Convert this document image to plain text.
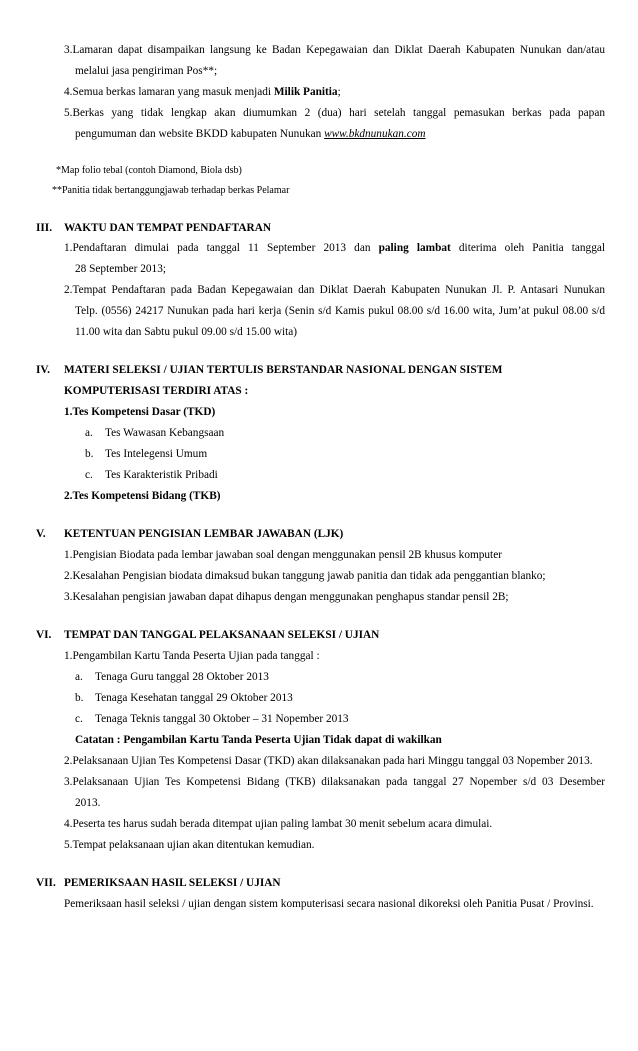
3.Lamaran dapat disampaikan langsung ke Badan Kepegawaian dan Diklat Daerah Kabupaten Nunukan dan/atau
melalui jasa pengiriman Pos**;
4.Semua berkas lamaran yang masuk menjadi Milik Panitia;
5.Berkas yang tidak lengkap akan diumumkan 2 (dua) hari setelah tanggal pemasukan berkas pada papan
pengumuman dan website BKDD kabupaten Nunukan www.bkdnunukan.com
*Map folio tebal (contoh Diamond, Biola dsb)
**Panitia tidak bertanggungjawab terhadap berkas Pelamar
III. WAKTU DAN TEMPAT PENDAFTARAN
1.Pendaftaran dimulai pada tanggal 11 September 2013 dan paling lambat diterima oleh Panitia tanggal
28 September 2013;
2.Tempat Pendaftaran pada Badan Kepegawaian dan Diklat Daerah Kabupaten Nunukan Jl. P. Antasari Nunukan
Telp. (0556) 24217 Nunukan pada hari kerja (Senin s/d Kamis pukul 08.00 s/d 16.00 wita, Jum’at pukul 08.00 s/d
11.00 wita dan Sabtu pukul 09.00 s/d 15.00 wita)
IV. MATERI SELEKSI / UJIAN TERTULIS BERSTANDAR NASIONAL DENGAN SISTEM
KOMPUTERISASI TERDIRI ATAS :
1.Tes Kompetensi Dasar (TKD)
a. Tes Wawasan Kebangsaan
b. Tes Intelegensi Umum
c. Tes Karakteristik Pribadi
2.Tes Kompetensi Bidang (TKB)
V. KETENTUAN PENGISIAN LEMBAR JAWABAN (LJK)
1.Pengisian Biodata pada lembar jawaban soal dengan menggunakan pensil 2B khusus komputer
2.Kesalahan Pengisian biodata dimaksud bukan tanggung jawab panitia dan tidak ada penggantian blanko;
3.Kesalahan pengisian jawaban dapat dihapus dengan menggunakan penghapus standar pensil 2B;
VI. TEMPAT DAN TANGGAL PELAKSANAAN SELEKSI / UJIAN
1.Pengambilan Kartu Tanda Peserta Ujian pada tanggal :
a. Tenaga Guru tanggal 28 Oktober 2013
b. Tenaga Kesehatan tanggal 29 Oktober 2013
c. Tenaga Teknis tanggal 30 Oktober – 31 Nopember 2013
Catatan : Pengambilan Kartu Tanda Peserta Ujian Tidak dapat di wakilkan
2.Pelaksanaan Ujian Tes Kompetensi Dasar (TKD) akan dilaksanakan pada hari Minggu tanggal 03 Nopember 2013.
3.Pelaksanaan Ujian Tes Kompetensi Bidang (TKB) dilaksanakan pada tanggal 27 Nopember s/d 03 Desember
2013.
4.Peserta tes harus sudah berada ditempat ujian paling lambat 30 menit sebelum acara dimulai.
5.Tempat pelaksanaan ujian akan ditentukan kemudian.
VII. PEMERIKSAAN HASIL SELEKSI / UJIAN
Pemeriksaan hasil seleksi / ujian dengan sistem komputerisasi secara nasional dikoreksi oleh Panitia Pusat / Provinsi.
